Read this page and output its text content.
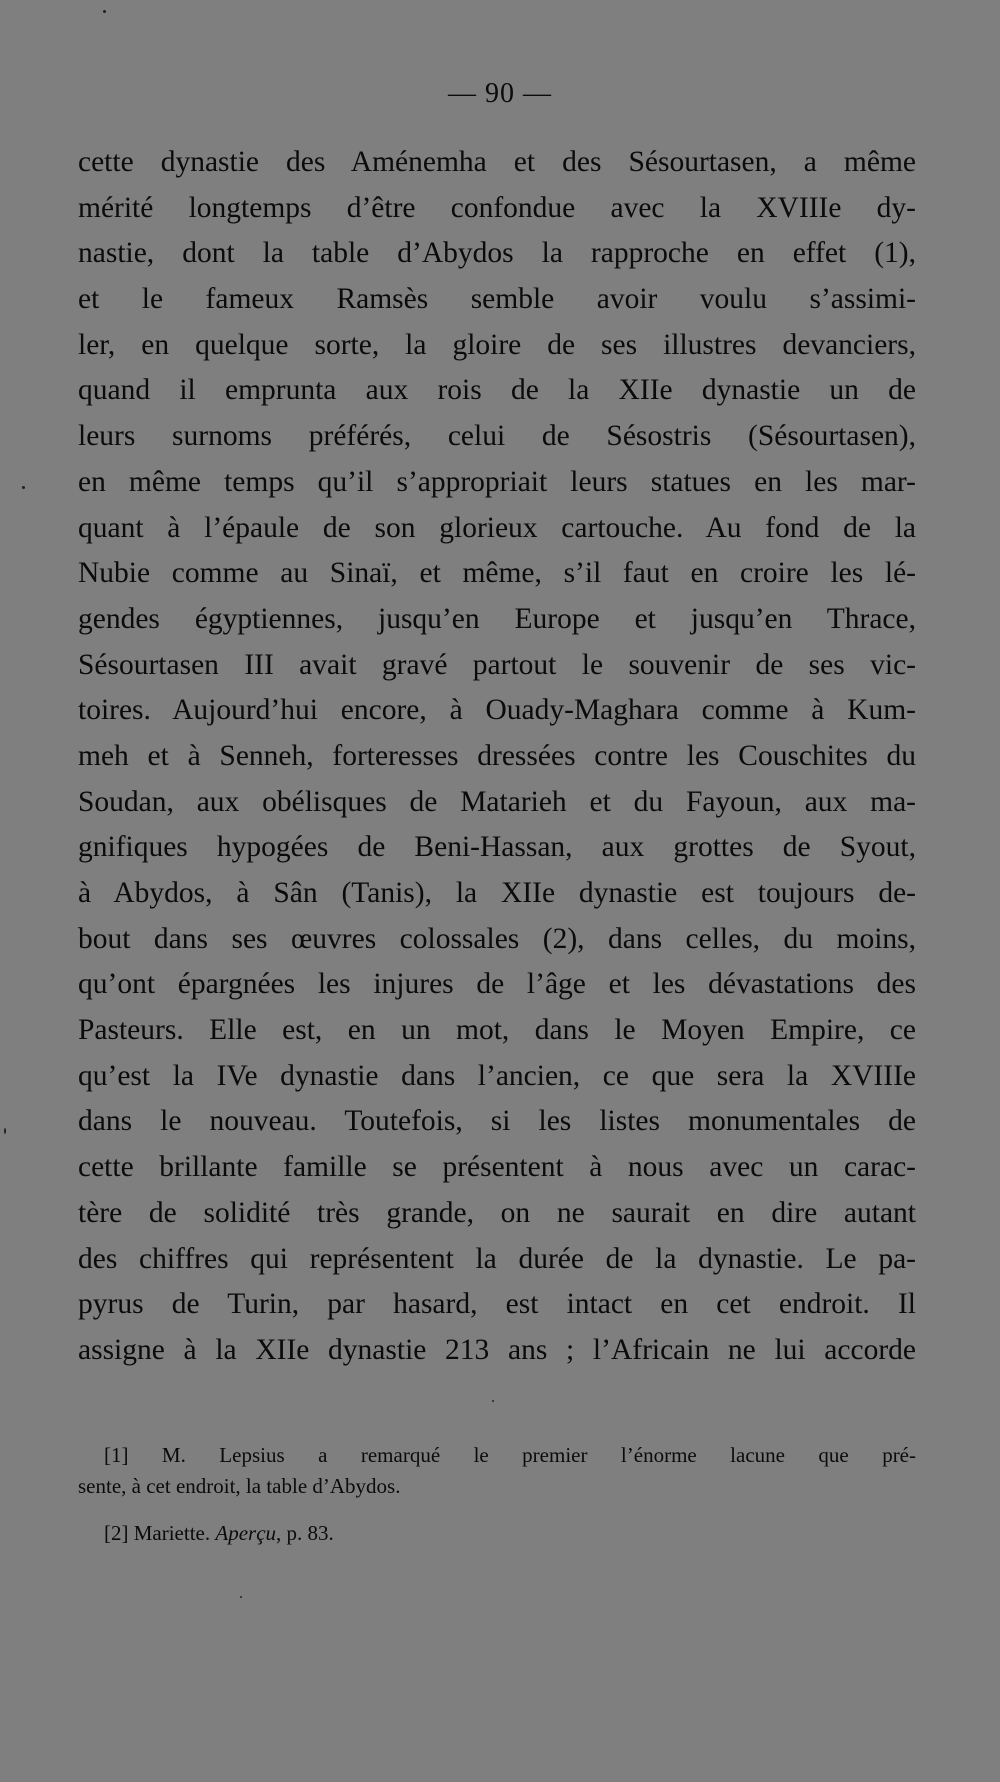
— 90 —
cette dynastie des Aménemha et des Sésourtasen, a même
mérité longtemps d’être confondue avec la XVIIIe dy-
nastie, dont la table d’Abydos la rapproche en effet (1),
et le fameux Ramsès semble avoir voulu s’assimi-
ler, en quelque sorte, la gloire de ses illustres devanciers,
quand il emprunta aux rois de la XIIe dynastie un de
leurs surnoms préférés, celui de Sésostris (Sésourtasen),
en même temps qu’il s’appropriait leurs statues en les mar-
quant à l’épaule de son glorieux cartouche. Au fond de la
Nubie comme au Sinaï, et même, s’il faut en croire les lé-
gendes égyptiennes, jusqu’en Europe et jusqu’en Thrace,
Sésourtasen III avait gravé partout le souvenir de ses vic-
toires. Aujourd’hui encore, à Ouady-Maghara comme à Kum-
meh et à Senneh, forteresses dressées contre les Couschites du
Soudan, aux obélisques de Matarieh et du Fayoun, aux ma-
gnifiques hypogées de Beni-Hassan, aux grottes de Syout,
à Abydos, à Sân (Tanis), la XIIe dynastie est toujours de-
bout dans ses œuvres colossales (2), dans celles, du moins,
qu’ont épargnées les injures de l’âge et les dévastations des
Pasteurs. Elle est, en un mot, dans le Moyen Empire, ce
qu’est la IVe dynastie dans l’ancien, ce que sera la XVIIIe
dans le nouveau. Toutefois, si les listes monumentales de
cette brillante famille se présentent à nous avec un carac-
tère de solidité très grande, on ne saurait en dire autant
des chiffres qui représentent la durée de la dynastie. Le pa-
pyrus de Turin, par hasard, est intact en cet endroit. Il
assigne à la XIIe dynastie 213 ans ; l’Africain ne lui accorde
[1] M. Lepsius a remarqué le premier l’énorme lacune que pré-
sente, à cet endroit, la table d’Abydos.
[2] Mariette. Aperçu, p. 83.
